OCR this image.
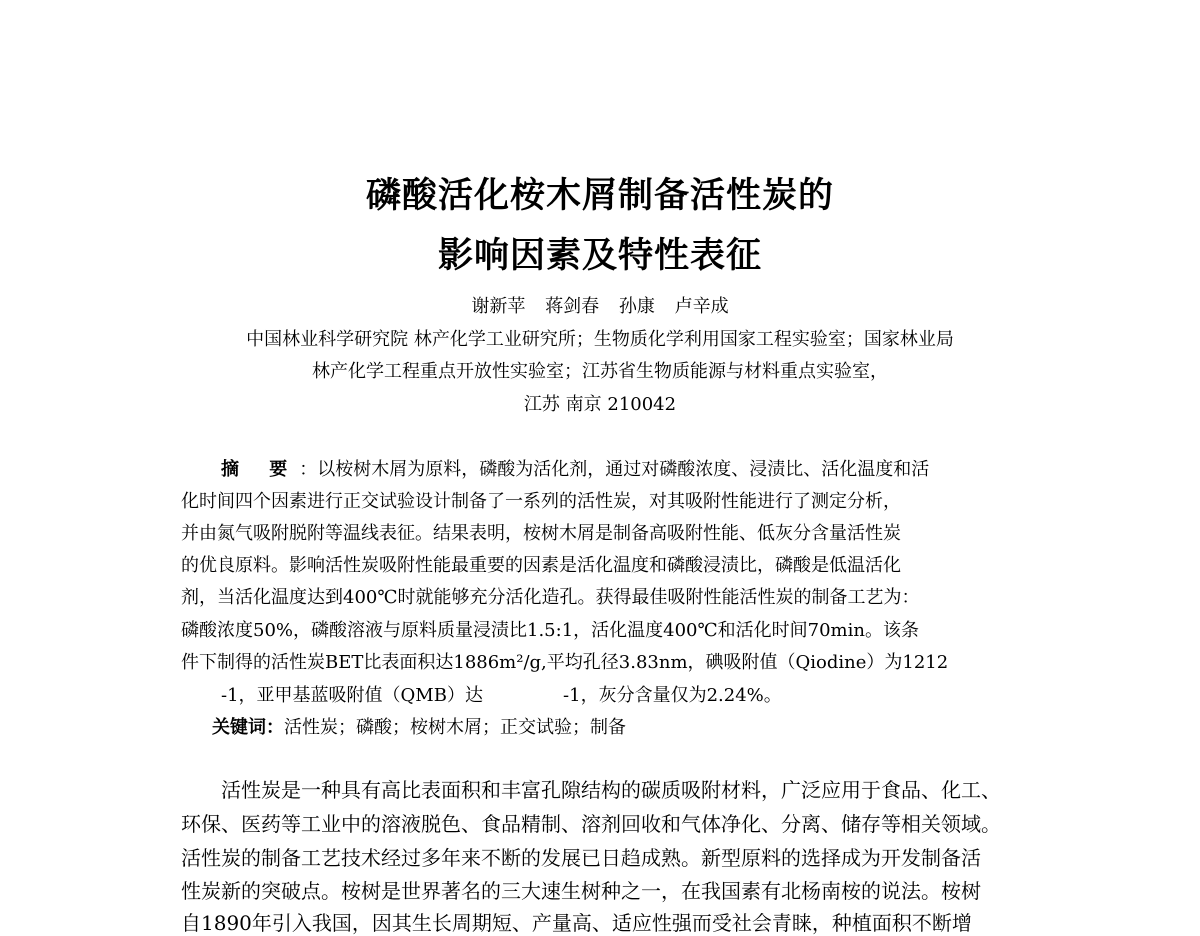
磷酸活化桉木屑制备活性炭的
影响因素及特性表征
谢新苹 蒋剑春 孙康 卢辛成
中国林业科学研究院 林产化学工业研究所；生物质化学利用国家工程实验室；国家林业局
林产化学工程重点开放性实验室；江苏省生物质能源与材料重点实验室，
江苏 南京 210042
摘 要：以桉树木屑为原料，磷酸为活化剂，通过对磷酸浓度、浸渍比、活化温度和活
化时间四个因素进行正交试验设计制备了一系列的活性炭，对其吸附性能进行了测定分析，
并由氮气吸附脱附等温线表征。结果表明，桉树木屑是制备高吸附性能、低灰分含量活性炭
的优良原料。影响活性炭吸附性能最重要的因素是活化温度和磷酸浸渍比，磷酸是低温活化
剂，当活化温度达到400℃时就能够充分活化造孔。获得最佳吸附性能活性炭的制备工艺为：
磷酸浓度50%，磷酸溶液与原料质量浸渍比1.5:1，活化温度400℃和活化时间70min。该条
件下制得的活性炭BET比表面积达1886m²/g,平均孔径3.83nm，碘吸附值（Qiodine）为1212
-1，亚甲基蓝吸附值（QMB）达              -1，灰分含量仅为2.24%。
关键词：活性炭；磷酸；桉树木屑；正交试验；制备
活性炭是一种具有高比表面积和丰富孔隙结构的碳质吸附材料，广泛应用于食品、化工、
环保、医药等工业中的溶液脱色、食品精制、溶剂回收和气体净化、分离、储存等相关领域。
活性炭的制备工艺技术经过多年来不断的发展已日趋成熟。新型原料的选择成为开发制备活
性炭新的突破点。桉树是世界著名的三大速生树种之一，在我国素有北杨南桉的说法。桉树
自1890年引入我国，因其生长周期短、产量高、适应性强而受社会青睐，种植面积不断增
